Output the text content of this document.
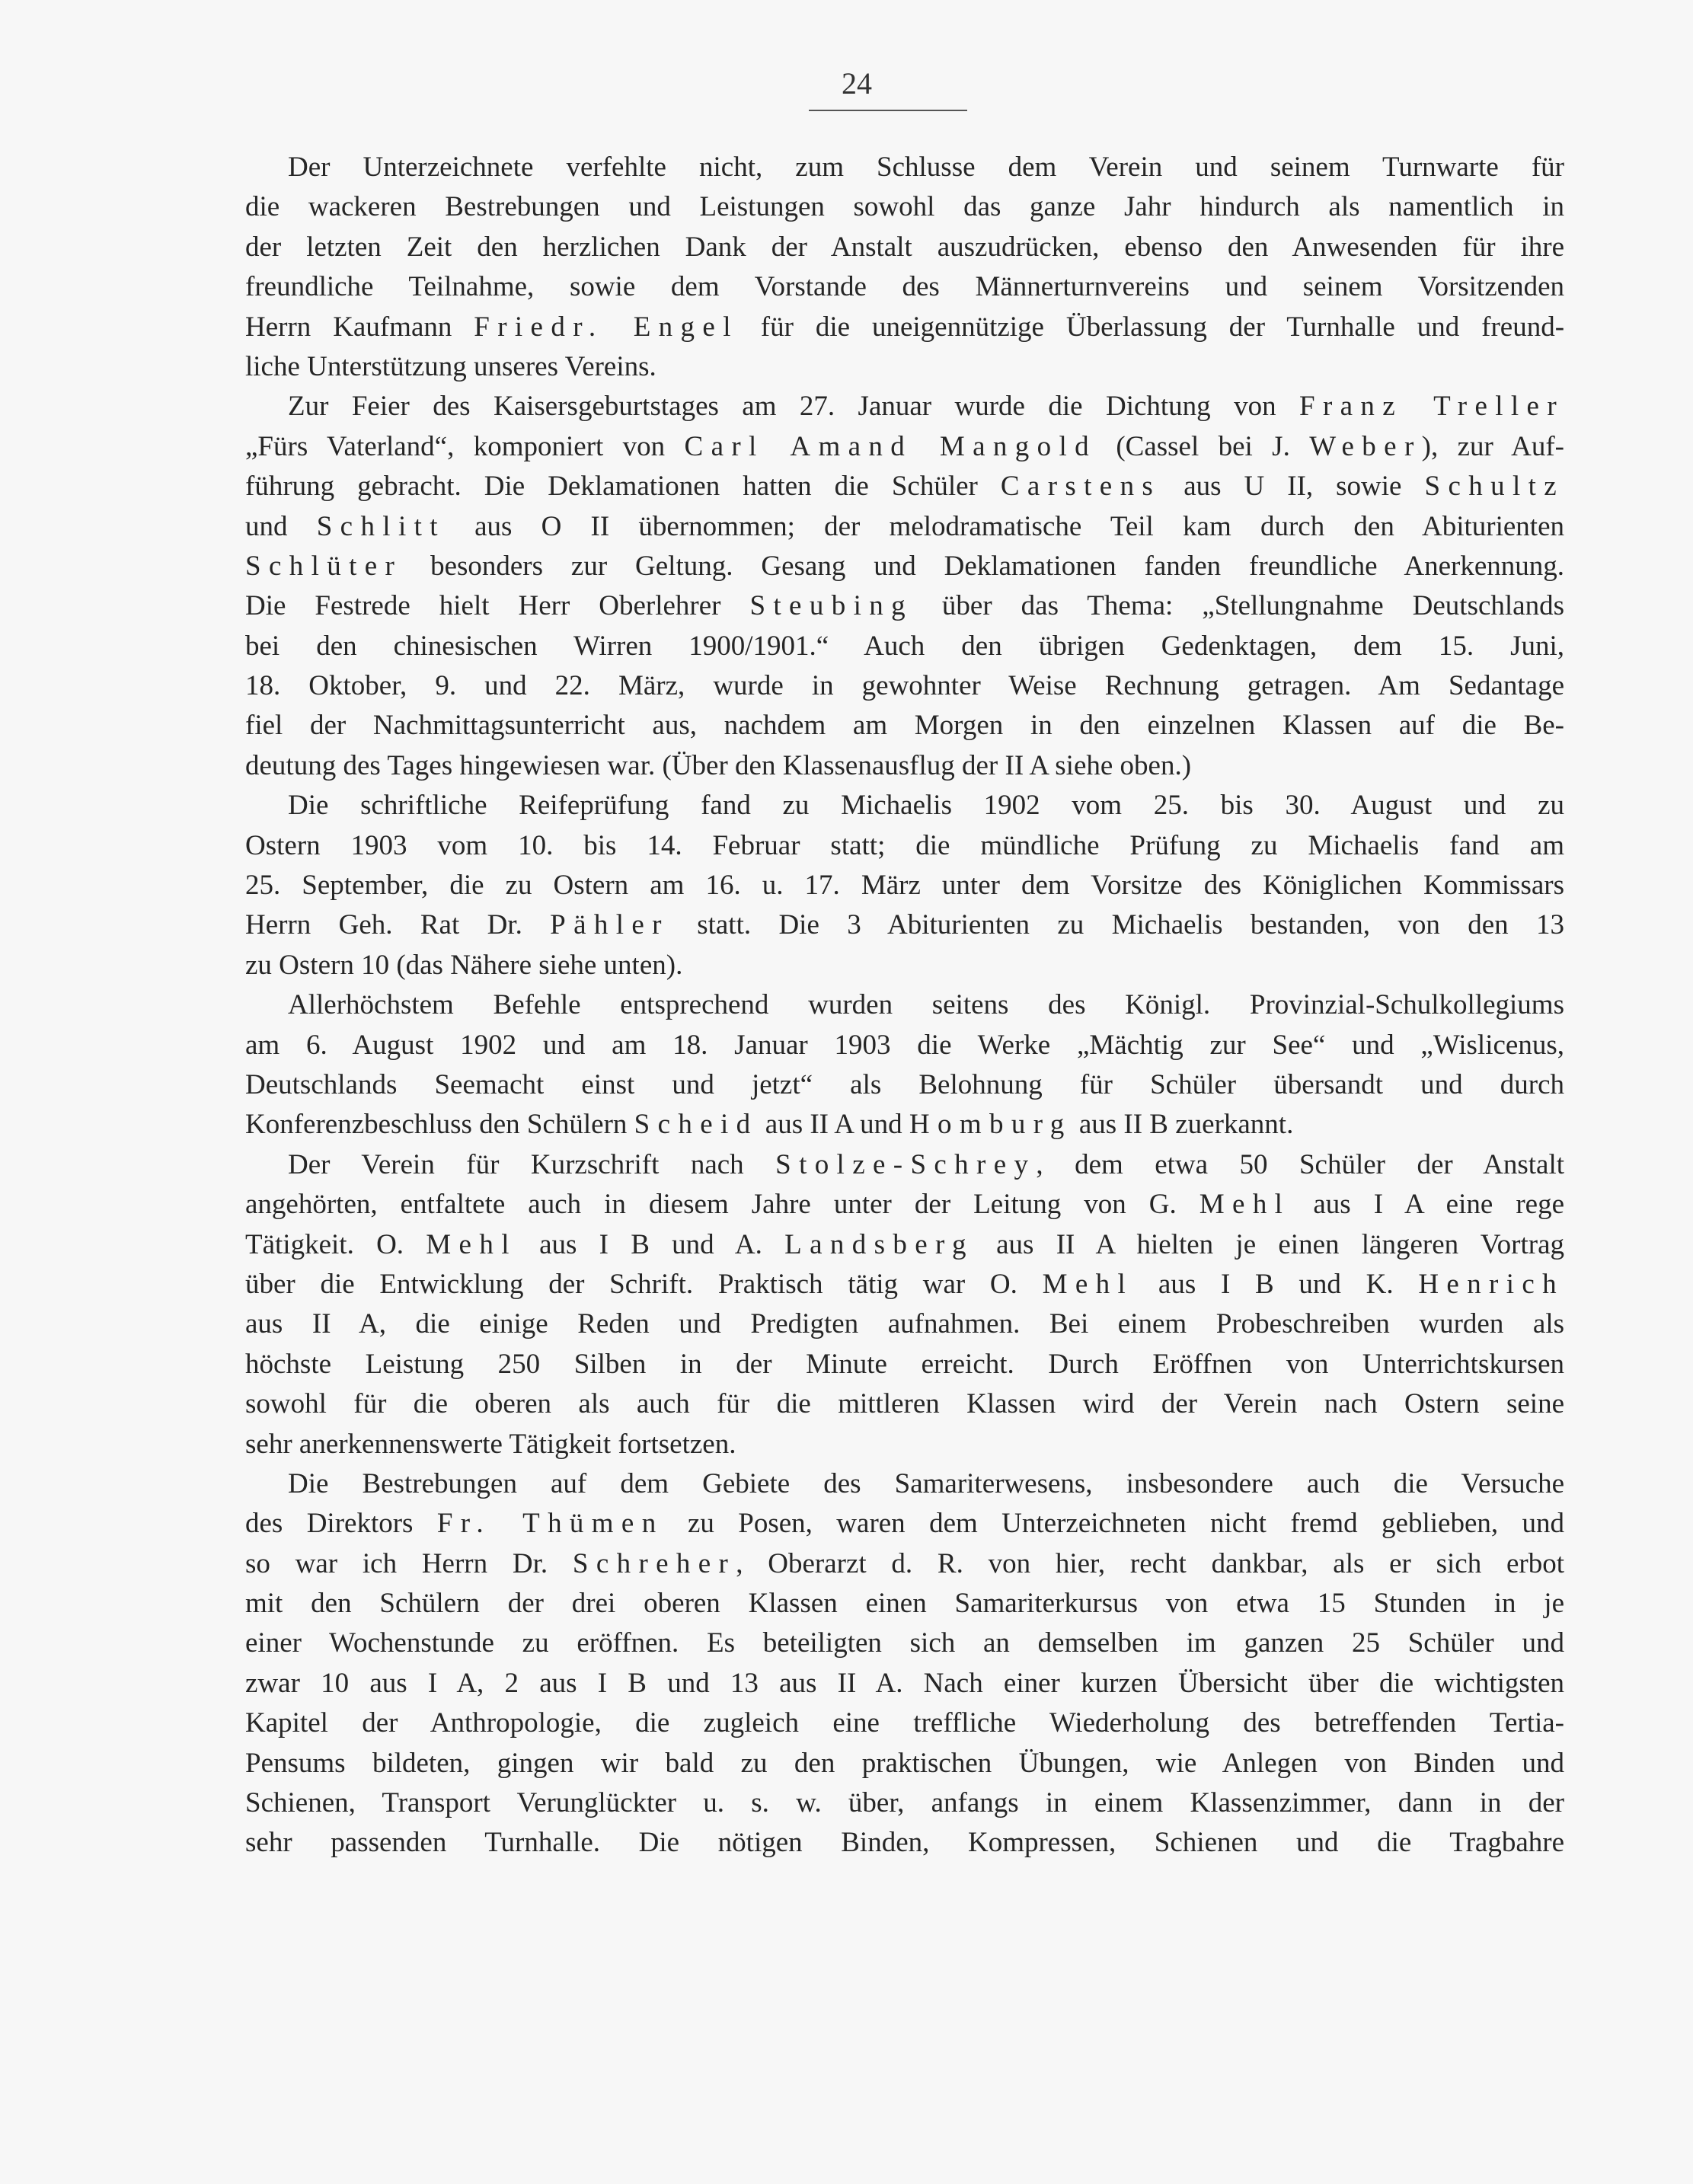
24
Der Unterzeichnete verfehlte nicht, zum Schlusse dem Verein und seinem Turnwarte für
die wackeren Bestrebungen und Leistungen sowohl das ganze Jahr hindurch als namentlich in
der letzten Zeit den herzlichen Dank der Anstalt auszudrücken, ebenso den Anwesenden für ihre
freundliche Teilnahme, sowie dem Vorstande des Männerturnvereins und seinem Vorsitzenden
Herrn Kaufmann Friedr. Engel für die uneigennützige Überlassung der Turnhalle und freund-
liche Unterstützung unseres Vereins.
Zur Feier des Kaisersgeburtstages am 27. Januar wurde die Dichtung von Franz Treller
„Fürs Vaterland“, komponiert von Carl Amand Mangold (Cassel bei J. Weber), zur Auf-
führung gebracht. Die Deklamationen hatten die Schüler Carstens aus U II, sowie Schultz
und Schlitt aus O II übernommen; der melodramatische Teil kam durch den Abiturienten
Schlüter besonders zur Geltung. Gesang und Deklamationen fanden freundliche Anerkennung.
Die Festrede hielt Herr Oberlehrer Steubing über das Thema: „Stellungnahme Deutschlands
bei den chinesischen Wirren 1900/1901.“ Auch den übrigen Gedenktagen, dem 15. Juni,
18. Oktober, 9. und 22. März, wurde in gewohnter Weise Rechnung getragen. Am Sedantage
fiel der Nachmittagsunterricht aus, nachdem am Morgen in den einzelnen Klassen auf die Be-
deutung des Tages hingewiesen war. (Über den Klassenausflug der II A siehe oben.)
Die schriftliche Reifeprüfung fand zu Michaelis 1902 vom 25. bis 30. August und zu
Ostern 1903 vom 10. bis 14. Februar statt; die mündliche Prüfung zu Michaelis fand am
25. September, die zu Ostern am 16. u. 17. März unter dem Vorsitze des Königlichen Kommissars
Herrn Geh. Rat Dr. Pähler statt. Die 3 Abiturienten zu Michaelis bestanden, von den 13
zu Ostern 10 (das Nähere siehe unten).
Allerhöchstem Befehle entsprechend wurden seitens des Königl. Provinzial-Schulkollegiums
am 6. August 1902 und am 18. Januar 1903 die Werke „Mächtig zur See“ und „Wislicenus,
Deutschlands Seemacht einst und jetzt“ als Belohnung für Schüler übersandt und durch
Konferenzbeschluss den Schülern Scheid aus II A und Homburg aus II B zuerkannt.
Der Verein für Kurzschrift nach Stolze-Schrey, dem etwa 50 Schüler der Anstalt
angehörten, entfaltete auch in diesem Jahre unter der Leitung von G. Mehl aus I A eine rege
Tätigkeit. O. Mehl aus I B und A. Landsberg aus II A hielten je einen längeren Vortrag
über die Entwicklung der Schrift. Praktisch tätig war O. Mehl aus I B und K. Henrich
aus II A, die einige Reden und Predigten aufnahmen. Bei einem Probeschreiben wurden als
höchste Leistung 250 Silben in der Minute erreicht. Durch Eröffnen von Unterrichtskursen
sowohl für die oberen als auch für die mittleren Klassen wird der Verein nach Ostern seine
sehr anerkennenswerte Tätigkeit fortsetzen.
Die Bestrebungen auf dem Gebiete des Samariterwesens, insbesondere auch die Versuche
des Direktors Fr. Thümen zu Posen, waren dem Unterzeichneten nicht fremd geblieben, und
so war ich Herrn Dr. Schreher, Oberarzt d. R. von hier, recht dankbar, als er sich erbot
mit den Schülern der drei oberen Klassen einen Samariterkursus von etwa 15 Stunden in je
einer Wochenstunde zu eröffnen. Es beteiligten sich an demselben im ganzen 25 Schüler und
zwar 10 aus I A, 2 aus I B und 13 aus II A. Nach einer kurzen Übersicht über die wichtigsten
Kapitel der Anthropologie, die zugleich eine treffliche Wiederholung des betreffenden Tertia-
Pensums bildeten, gingen wir bald zu den praktischen Übungen, wie Anlegen von Binden und
Schienen, Transport Verunglückter u. s. w. über, anfangs in einem Klassenzimmer, dann in der
sehr passenden Turnhalle. Die nötigen Binden, Kompressen, Schienen und die Tragbahre
